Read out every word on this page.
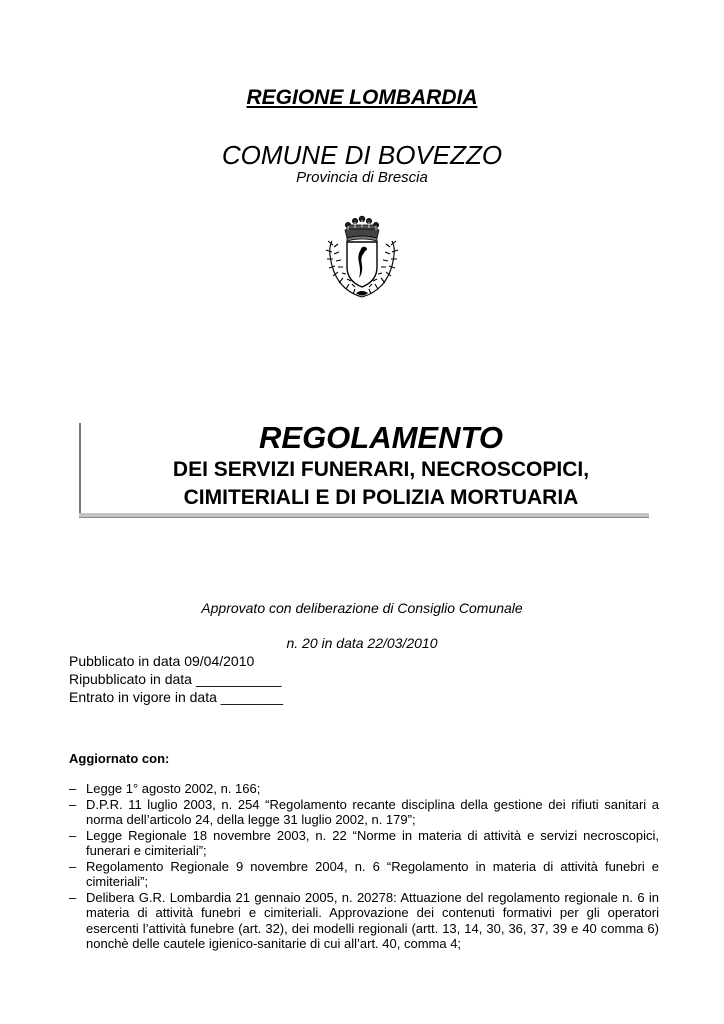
REGIONE LOMBARDIA
COMUNE DI BOVEZZO
Provincia di Brescia
REGOLAMENTO
DEI SERVIZI FUNERARI, NECROSCOPICI,
CIMITERIALI E DI POLIZIA MORTUARIA
Approvato con deliberazione di Consiglio Comunale
n. 20 in data 22/03/2010
Pubblicato in data 09/04/2010
Ripubblicato in data ___________
Entrato in vigore in data ________
Aggiornato con:
– Legge 1° agosto 2002, n. 166;
– D.P.R. 11 luglio 2003, n. 254 “Regolamento recante disciplina della gestione dei rifiuti sanitari a norma dell’articolo 24, della legge 31 luglio 2002, n. 179”;
– Legge Regionale 18 novembre 2003, n. 22 “Norme in materia di attività e servizi necroscopici, funerari e cimiteriali”;
– Regolamento Regionale 9 novembre 2004, n. 6 “Regolamento in materia di attività funebri e cimiteriali”;
– Delibera G.R. Lombardia 21 gennaio 2005, n. 20278: Attuazione del regolamento regionale n. 6 in materia di attività funebri e cimiteriali. Approvazione dei contenuti formativi per gli operatori esercenti l’attività funebre (art. 32), dei modelli regionali (artt. 13, 14, 30, 36, 37, 39 e 40 comma 6) nonchè delle cautele igienico-sanitarie di cui all’art. 40, comma 4;
